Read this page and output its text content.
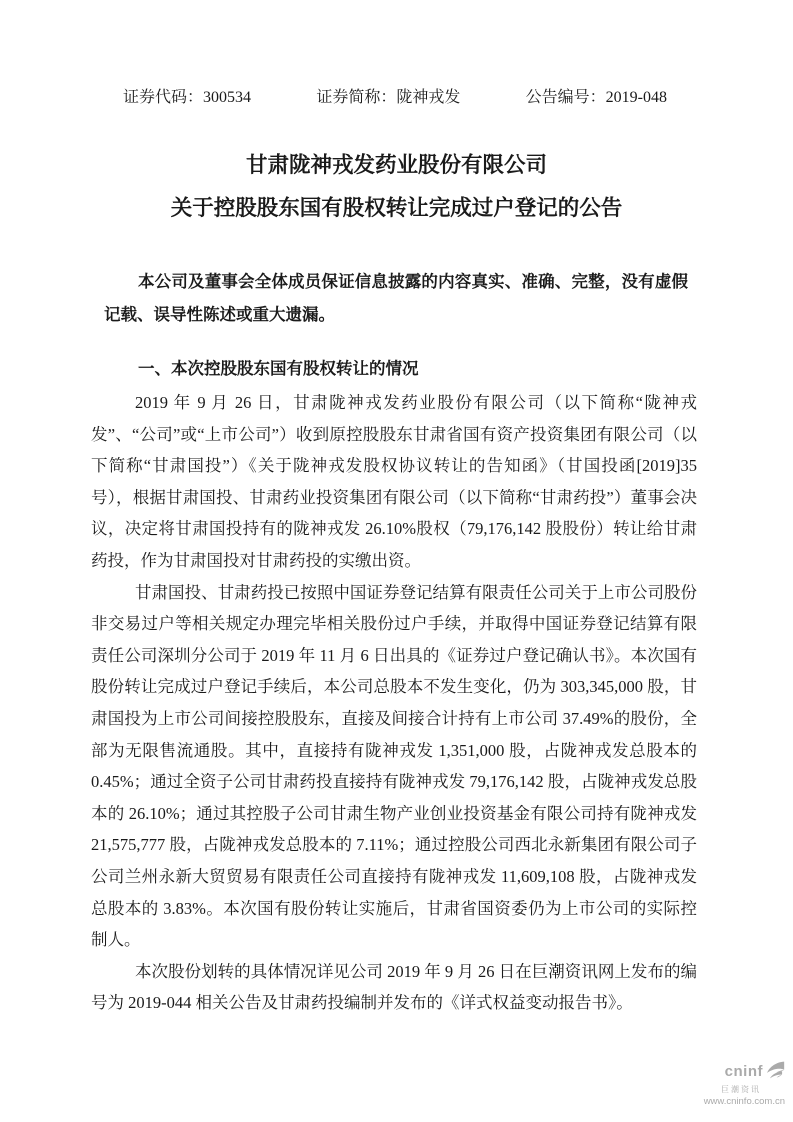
证券代码：300534	证券简称：陇神戎发	公告编号：2019-048
甘肃陇神戎发药业股份有限公司
关于控股股东国有股权转让完成过户登记的公告

本公司及董事会全体成员保证信息披露的内容真实、准确、完整，没有虚假记载、误导性陈述或重大遗漏。

一、本次控股股东国有股权转让的情况

2019 年 9 月 26 日，甘肃陇神戎发药业股份有限公司（以下简称“陇神戎发”、“公司”或“上市公司”）收到原控股股东甘肃省国有资产投资集团有限公司（以下简称“甘肃国投”）《关于陇神戎发股权协议转让的告知函》（甘国投函[2019]35号），根据甘肃国投、甘肃药业投资集团有限公司（以下简称“甘肃药投”）董事会决议，决定将甘肃国投持有的陇神戎发 26.10%股权（79,176,142 股股份）转让给甘肃药投，作为甘肃国投对甘肃药投的实缴出资。

甘肃国投、甘肃药投已按照中国证券登记结算有限责任公司关于上市公司股份非交易过户等相关规定办理完毕相关股份过户手续，并取得中国证券登记结算有限责任公司深圳分公司于 2019 年 11 月 6 日出具的《证券过户登记确认书》。本次国有股份转让完成过户登记手续后，本公司总股本不发生变化，仍为 303,345,000 股，甘肃国投为上市公司间接控股股东，直接及间接合计持有上市公司 37.49%的股份，全部为无限售流通股。其中，直接持有陇神戎发 1,351,000 股，占陇神戎发总股本的 0.45%；通过全资子公司甘肃药投直接持有陇神戎发 79,176,142 股，占陇神戎发总股本的 26.10%；通过其控股子公司甘肃生物产业创业投资基金有限公司持有陇神戎发 21,575,777 股，占陇神戎发总股本的 7.11%；通过控股公司西北永新集团有限公司子公司兰州永新大贸贸易有限责任公司直接持有陇神戎发 11,609,108 股，占陇神戎发总股本的 3.83%。本次国有股份转让实施后，甘肃省国资委仍为上市公司的实际控制人。

本次股份划转的具体情况详见公司 2019 年 9 月 26 日在巨潮资讯网上发布的编号为 2019-044 相关公告及甘肃药投编制并发布的《详式权益变动报告书》。

cninf
巨潮资讯
www.cninfo.com.cn
